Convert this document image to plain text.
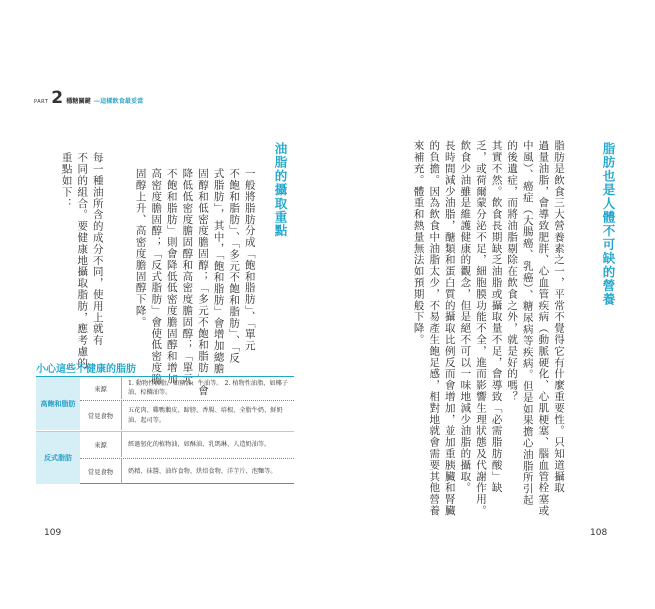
PART 2 穩糖關鍵 —這樣飲食最妥當
油脂的攝取重點
一般將脂肪分成「飽和脂肪」、「單元
不飽和脂肪」、「多元不飽和脂肪」、「反
式脂肪」，其中，「飽和脂肪」會增加總膽
固醇和低密度膽固醇；「多元不飽和脂肪」會
降低低密度膽固醇和高密度膽固醇；「單元
不飽和脂肪」則會降低低密度膽固醇和增加
高密度膽固醇；「反式脂肪」會使低密度膽
固醇上升、高密度膽固醇下降。
每一種油所含的成分不同，使用上就有
不同的組合。要健康地攝取脂肪，應考慮的
重點如下：
小心這些不健康的脂肪
高飽和脂肪
來源
1. 動物性油脂，如豬油、牛油等。 2. 植物性油脂，如椰子油、棕櫚油等。
常見食物
五花肉、雞鴨鵝皮、蹄膀、香腸、培根、全脂牛奶、鮮奶油、起司等。
反式脂肪
來源	經過氫化的植物油，如酥油、乳瑪琳、人造奶油等。
常見食物	奶精、抹醬、油炸食物、烘焙食物、洋芋片、泡麵等。
109
脂肪也是人體不可缺的營養
脂肪是飲食三大營養素之一，平常不覺得它有什麼重要性。只知道攝取
過量油脂，會導致肥胖、心血管疾病（動脈硬化、心肌梗塞、腦血管栓塞或
中風）、癌症（大腸癌、乳癌）、糖尿病等疾病。但是如果擔心油脂所引起
的後遺症，而將油脂剔除在飲食之外，就是好的嗎？
其實不然。飲食長期缺乏油脂或攝取量不足，會導致「必需脂肪酸」缺
乏，或荷爾蒙分泌不足，細胞膜功能不全，進而影響生理狀態及代謝作用。
飲食少油雖是維護健康的觀念，但是絕不可以一味地減少油脂的攝取。
長時間減少油脂，醣類和蛋白質的攝取比例反而會增加，並加重胰臟和腎臟
的負擔。因為飲食中油脂太少，不易產生飽足感，相對地就會需要其他營養
來補充。體重和熱量無法如預期般下降。
108
